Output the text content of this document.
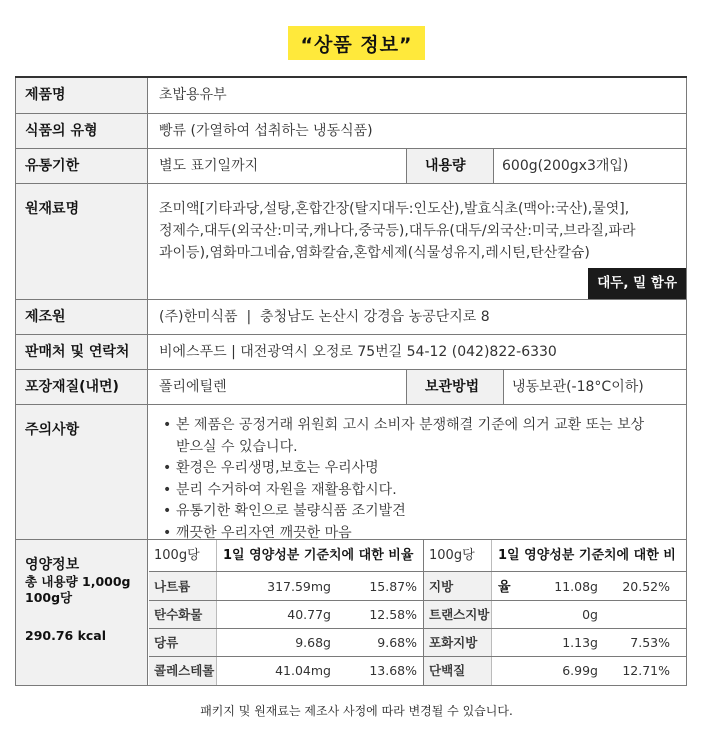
“상품 정보”
제품명	초밥용유부
식품의 유형	빵류 (가열하여 섭취하는 냉동식품)
유통기한	별도 표기일까지	내용량	600g(200gx3개입)
원재료명	조미액[기타과당,설탕,혼합간장(탈지대두:인도산),발효식초(맥아:국산),물엿],
정제수,대두(외국산:미국,캐나다,중국등),대두유(대두/외국산:미국,브라질,파라
과이등),염화마그네슘,염화칼슘,혼합세제(식물성유지,레시틴,탄산칼슘)
대두, 밀 함유
제조원	(주)한미식품  |  충청남도 논산시 강경읍 농공단지로 8
판매처 및 연락처	비에스푸드 | 대전광역시 오정로 75번길 54-12 (042)822-6330
포장재질(내면)	폴리에틸렌	보관방법	냉동보관(-18°C이하)
주의사항
•	본 제품은 공정거래 위원회 고시 소비자 분쟁해결 기준에 의거 교환 또는 보상
받으실 수 있습니다.
• 환경은 우리생명,보호는 우리사명
• 분리 수거하여 자원을 재활용합시다.
• 유통기한 확인으로 불량식품 조기발견
• 깨끗한 우리자연 깨끗한 마음
영양정보
총 내용량 1,000g
100g당
290.76 kcal
100g당	1일 영양성분 기준치에 대한 비율
나트륨	317.59mg	15.87%
탄수화물	40.77g	12.58%
당류	9.68g	9.68%
콜레스테롤	41.04mg	13.68%
100g당	1일 영양성분 기준치에 대한 비율
지방	11.08g	20.52%
트랜스지방	0g
포화지방	1.13g	7.53%
단백질	6.99g	12.71%
패키지 및 원재료는 제조사 사정에 따라 변경될 수 있습니다.
